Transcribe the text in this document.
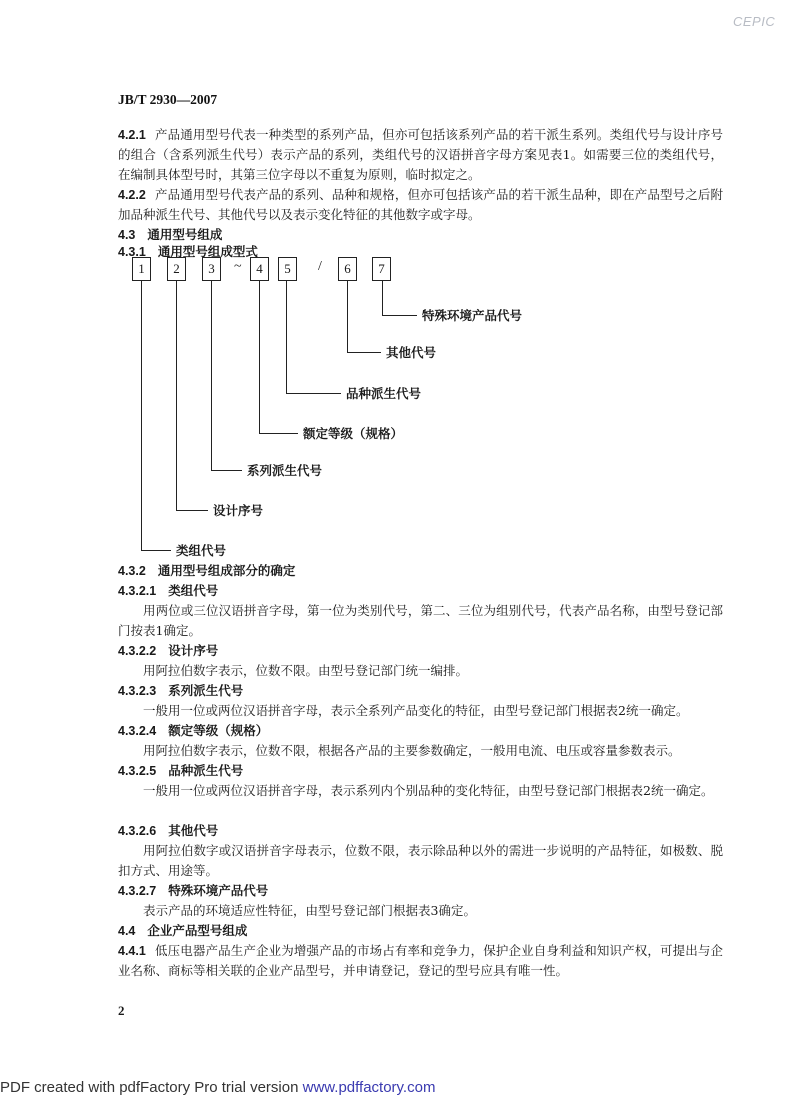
CEPIC
JB/T 2930—2007
4.2.1 产品通用型号代表一种类型的系列产品，但亦可包括该系列产品的若干派生系列。类组代号与设计序号的组合（含系列派生代号）表示产品的系列，类组代号的汉语拼音字母方案见表1。如需要三位的类组代号，在编制具体型号时，其第三位字母以不重复为原则，临时拟定之。
4.2.2 产品通用型号代表产品的系列、品种和规格，但亦可包括该产品的若干派生品种，即在产品型号之后附加品种派生代号、其他代号以及表示变化特征的其他数字或字母。
4.3 通用型号组成
4.3.1 通用型号组成型式
1	2	3	~	4	5	/	6	7
特殊环境产品代号
其他代号
品种派生代号
额定等级（规格）
系列派生代号
设计序号
类组代号
4.3.2 通用型号组成部分的确定
4.3.2.1 类组代号
用两位或三位汉语拼音字母，第一位为类别代号，第二、三位为组别代号，代表产品名称，由型号登记部门按表1确定。
4.3.2.2 设计序号
用阿拉伯数字表示，位数不限。由型号登记部门统一编排。
4.3.2.3 系列派生代号
一般用一位或两位汉语拼音字母，表示全系列产品变化的特征，由型号登记部门根据表2统一确定。
4.3.2.4 额定等级（规格）
用阿拉伯数字表示，位数不限，根据各产品的主要参数确定，一般用电流、电压或容量参数表示。
4.3.2.5 品种派生代号
一般用一位或两位汉语拼音字母，表示系列内个别品种的变化特征，由型号登记部门根据表2统一确定。
4.3.2.6 其他代号
用阿拉伯数字或汉语拼音字母表示，位数不限，表示除品种以外的需进一步说明的产品特征，如极数、脱扣方式、用途等。
4.3.2.7 特殊环境产品代号
表示产品的环境适应性特征，由型号登记部门根据表3确定。
4.4 企业产品型号组成
4.4.1 低压电器产品生产企业为增强产品的市场占有率和竞争力，保护企业自身利益和知识产权，可提出与企业名称、商标等相关联的企业产品型号，并申请登记，登记的型号应具有唯一性。
2
PDF created with pdfFactory Pro trial version www.pdffactory.com
